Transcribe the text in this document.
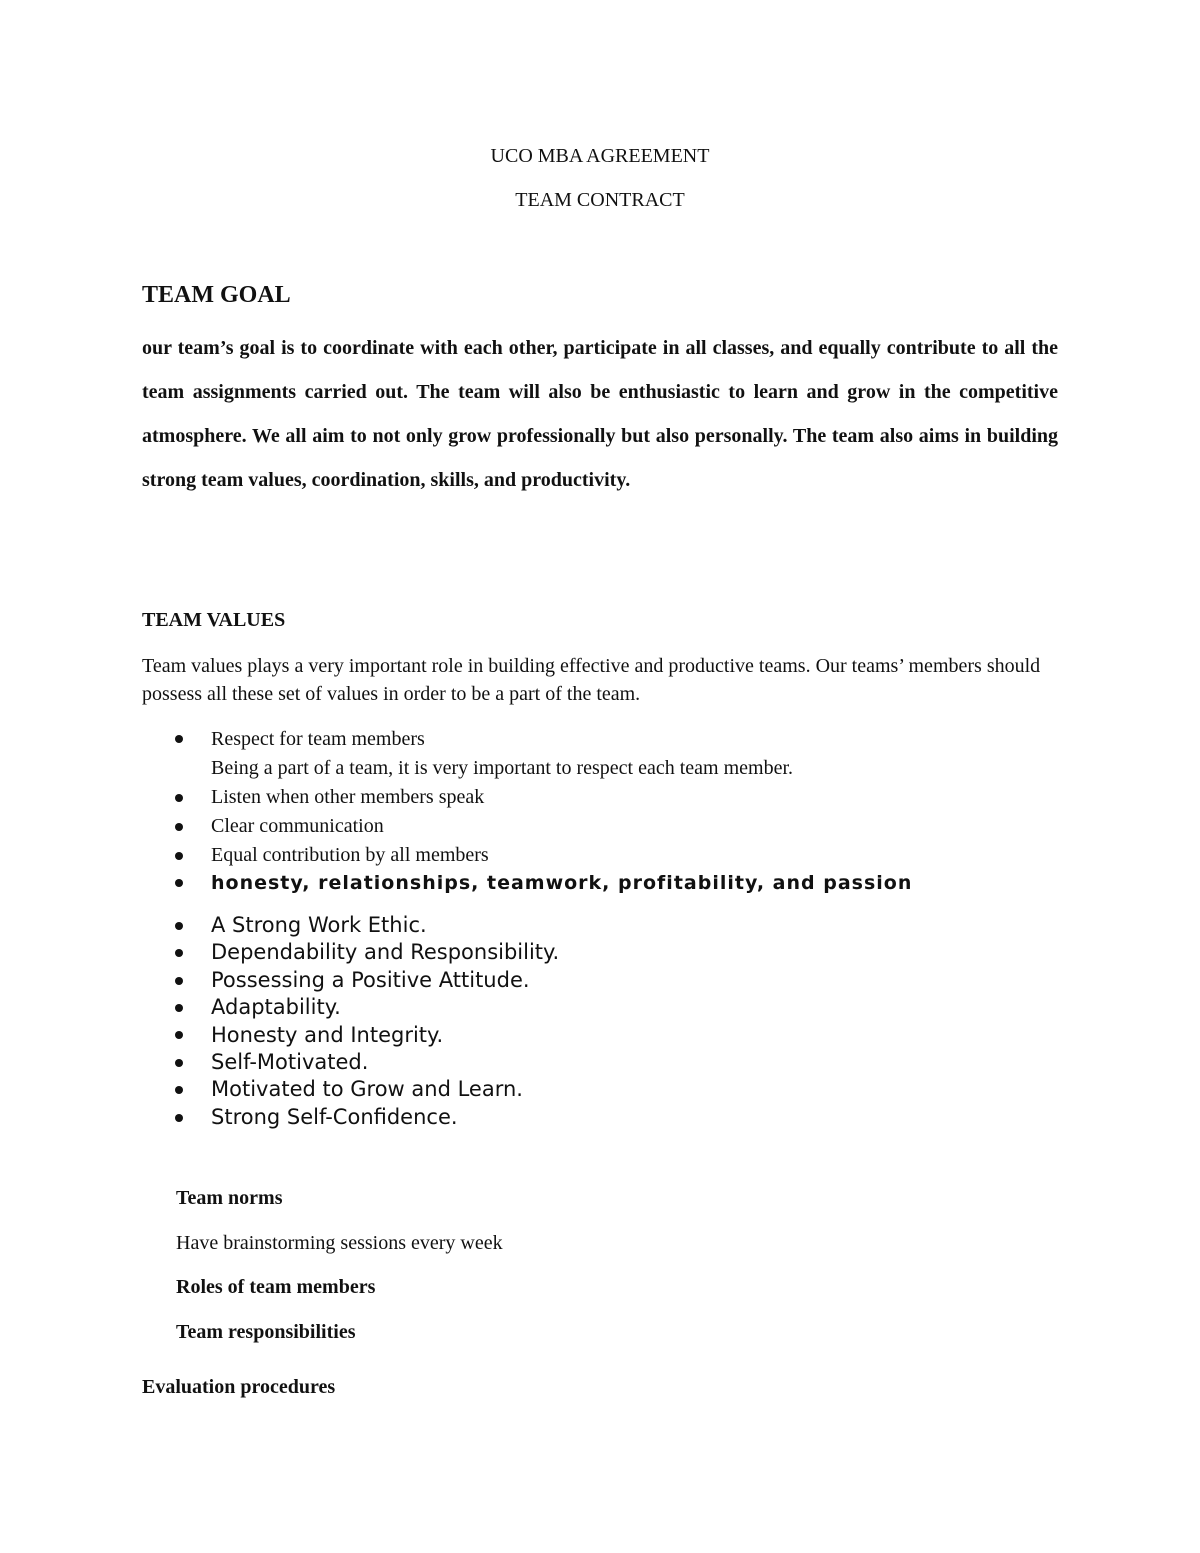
UCO MBA AGREEMENT

TEAM CONTRACT

TEAM GOAL

our team’s goal is to coordinate with each other, participate in all classes, and equally contribute to all the team assignments carried out. The team will also be enthusiastic to learn and grow in the competitive atmosphere. We all aim to not only grow professionally but also personally. The team also aims in building strong team values, coordination, skills, and productivity.

TEAM VALUES

Team values plays a very important role in building effective and productive teams. Our teams’ members should possess all these set of values in order to be a part of the team.

Respect for team members
Being a part of a team, it is very important to respect each team member.
Listen when other members speak
Clear communication
Equal contribution by all members
honesty, relationships, teamwork, profitability, and passion
A Strong Work Ethic.
Dependability and Responsibility.
Possessing a Positive Attitude.
Adaptability.
Honesty and Integrity.
Self-Motivated.
Motivated to Grow and Learn.
Strong Self-Confidence.

Team norms

Have brainstorming sessions every week

Roles of team members

Team responsibilities

Evaluation procedures
